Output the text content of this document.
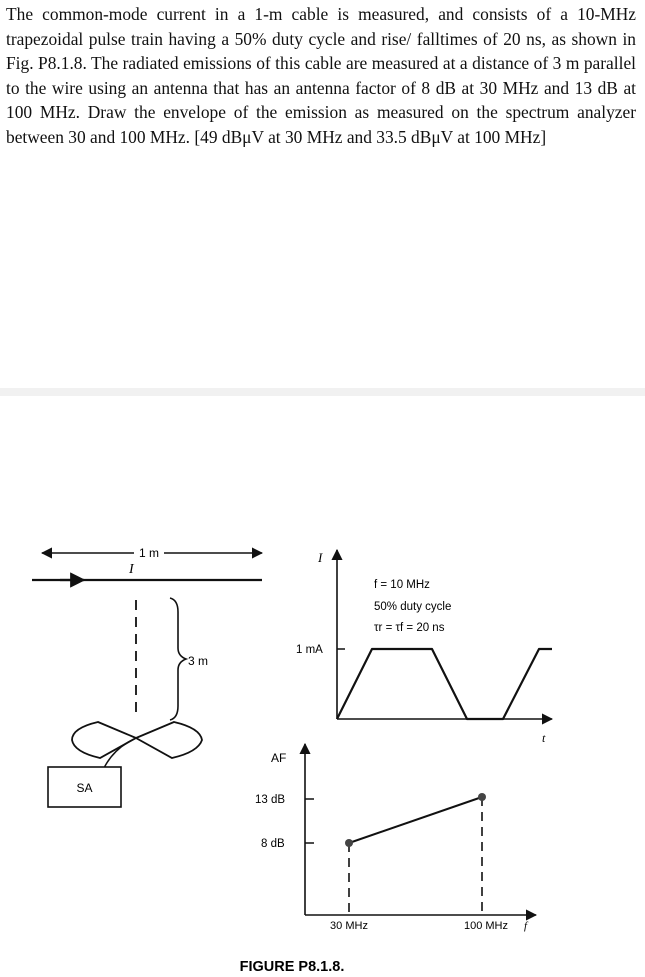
The common-mode current in a 1-m cable is measured, and consists of a 10-MHz trapezoidal pulse train having a 50% duty cycle and rise/ falltimes of 20 ns, as shown in Fig. P8.1.8. The radiated emissions of this cable are measured at a distance of 3 m parallel to the wire using an antenna that has an antenna factor of 8 dB at 30 MHz and 13 dB at 100 MHz. Draw the envelope of the emission as measured on the spectrum analyzer between 30 and 100 MHz. [49 dBμV at 30 MHz and 33.5 dBμV at 100 MHz]
1 m
I
3 m
SA
I
t
1 mA
f = 10 MHz
50% duty cycle
τr = τf = 20 ns
AF
f
13 dB
8 dB
30 MHz	100 MHz
FIGURE P8.1.8.
